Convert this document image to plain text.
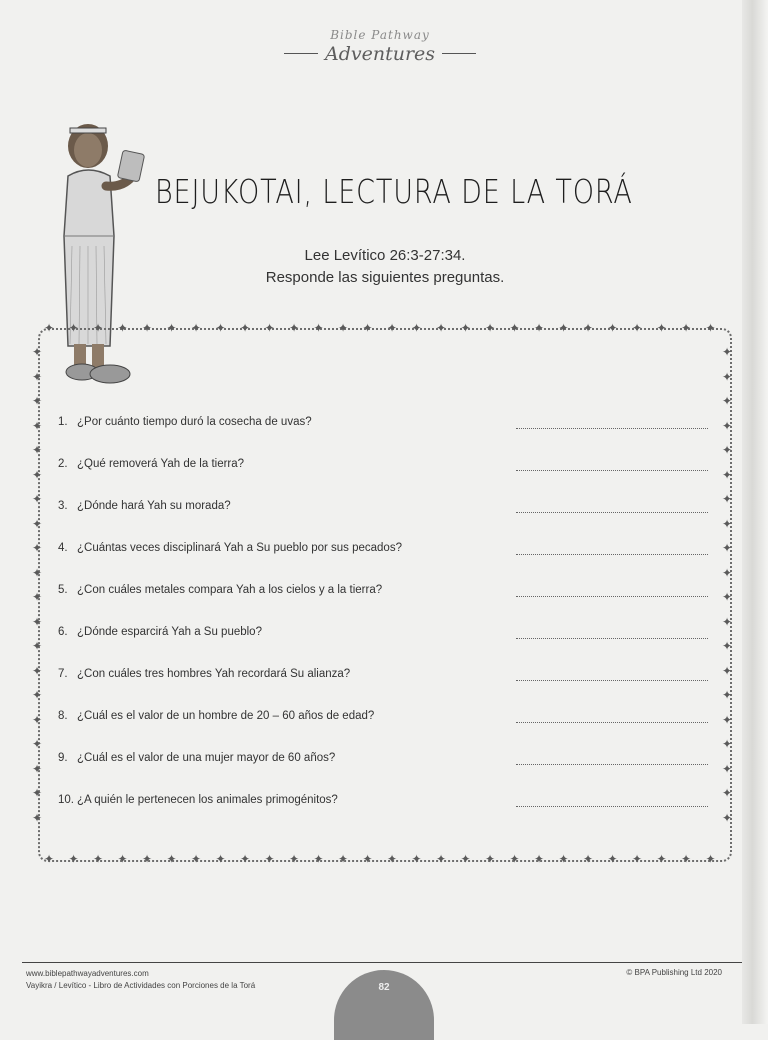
Bible Pathway
Adventures
BEJUKOTAI, LECTURA DE LA TORÁ
Lee Levítico 26:3-27:34.
Responde las siguientes preguntas.
✦
✦
✦
✦
✦
✦
✦
✦
✦
✦
✦
✦
✦
✦
✦
✦
✦
✦
✦
✦
✦
✦
✦
✦
✦
✦
✦
✦
✦
✦
✦
✦
✦
✦
✦
✦
✦
✦
✦
✦
✦
✦
✦
✦
✦
✦
✦
✦
✦
✦
✦
✦
✦
✦
✦
✦
✦	✦
✦	✦
✦	✦
✦	✦
✦	✦
✦	✦
✦	✦
✦	✦
✦	✦
✦	✦
✦	✦
✦	✦
✦	✦
✦	✦
✦	✦
✦	✦
✦	✦
✦	✦
✦	✦
✦	✦
1. ¿Por cuánto tiempo duró la cosecha de uvas?
2. ¿Qué removerá Yah de la tierra?
3. ¿Dónde hará Yah su morada?
4. ¿Cuántas veces disciplinará Yah a Su pueblo por sus pecados?
5. ¿Con cuáles metales compara Yah a los cielos y a la tierra?
6. ¿Dónde esparcirá Yah a Su pueblo?
7. ¿Con cuáles tres hombres Yah recordará Su alianza?
8. ¿Cuál es el valor de un hombre de 20 – 60 años de edad?
9. ¿Cuál es el valor de una mujer mayor de 60 años?
10. ¿A quién le pertenecen los animales primogénitos?
www.biblepathwayadventures.com
Vayikra / Levítico - Libro de Actividades con Porciones de la Torá
© BPA Publishing Ltd 2020
82
